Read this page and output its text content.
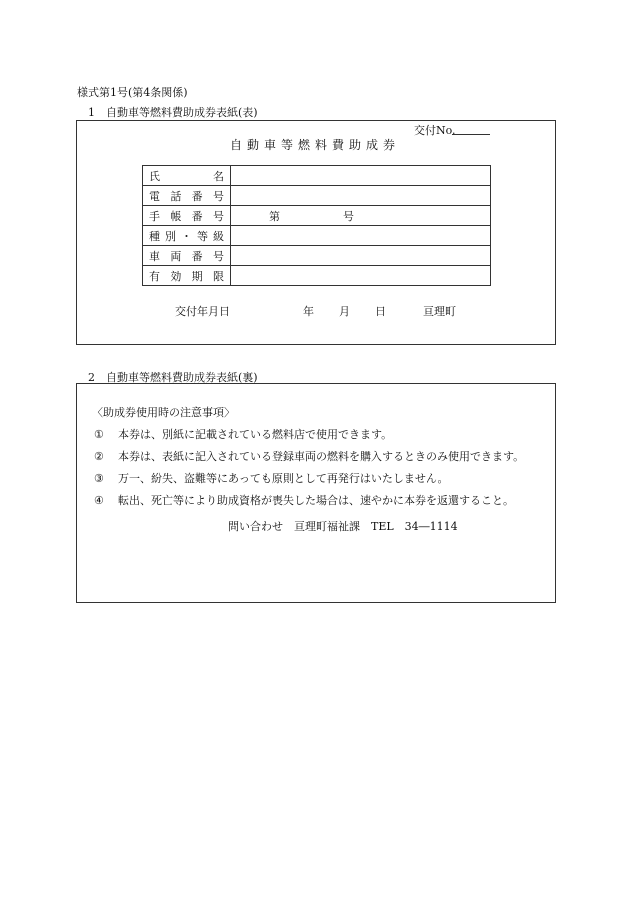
様式第1号(第4条関係)
1　自動車等燃料費助成券表紙(表)
交付No.
自動車等燃料費助成券
氏 名	

電 話 番 号	

手 帳 番 号	第 号

種 別 ・ 等 級	

車 両 番 号	

有 効 期 限	

交付年月日	年	月	日	亘理町
2　自動車等燃料費助成券表紙(裏)
〈助成券使用時の注意事項〉
① 本券は、別紙に記載されている燃料店で使用できます。
② 本券は、表紙に記入されている登録車両の燃料を購入するときのみ使用できます。
③ 万一、紛失、盗難等にあっても原則として再発行はいたしません。
④ 転出、死亡等により助成資格が喪失した場合は、速やかに本券を返還すること。
問い合わせ　亘理町福祉課　TEL　34―1114
